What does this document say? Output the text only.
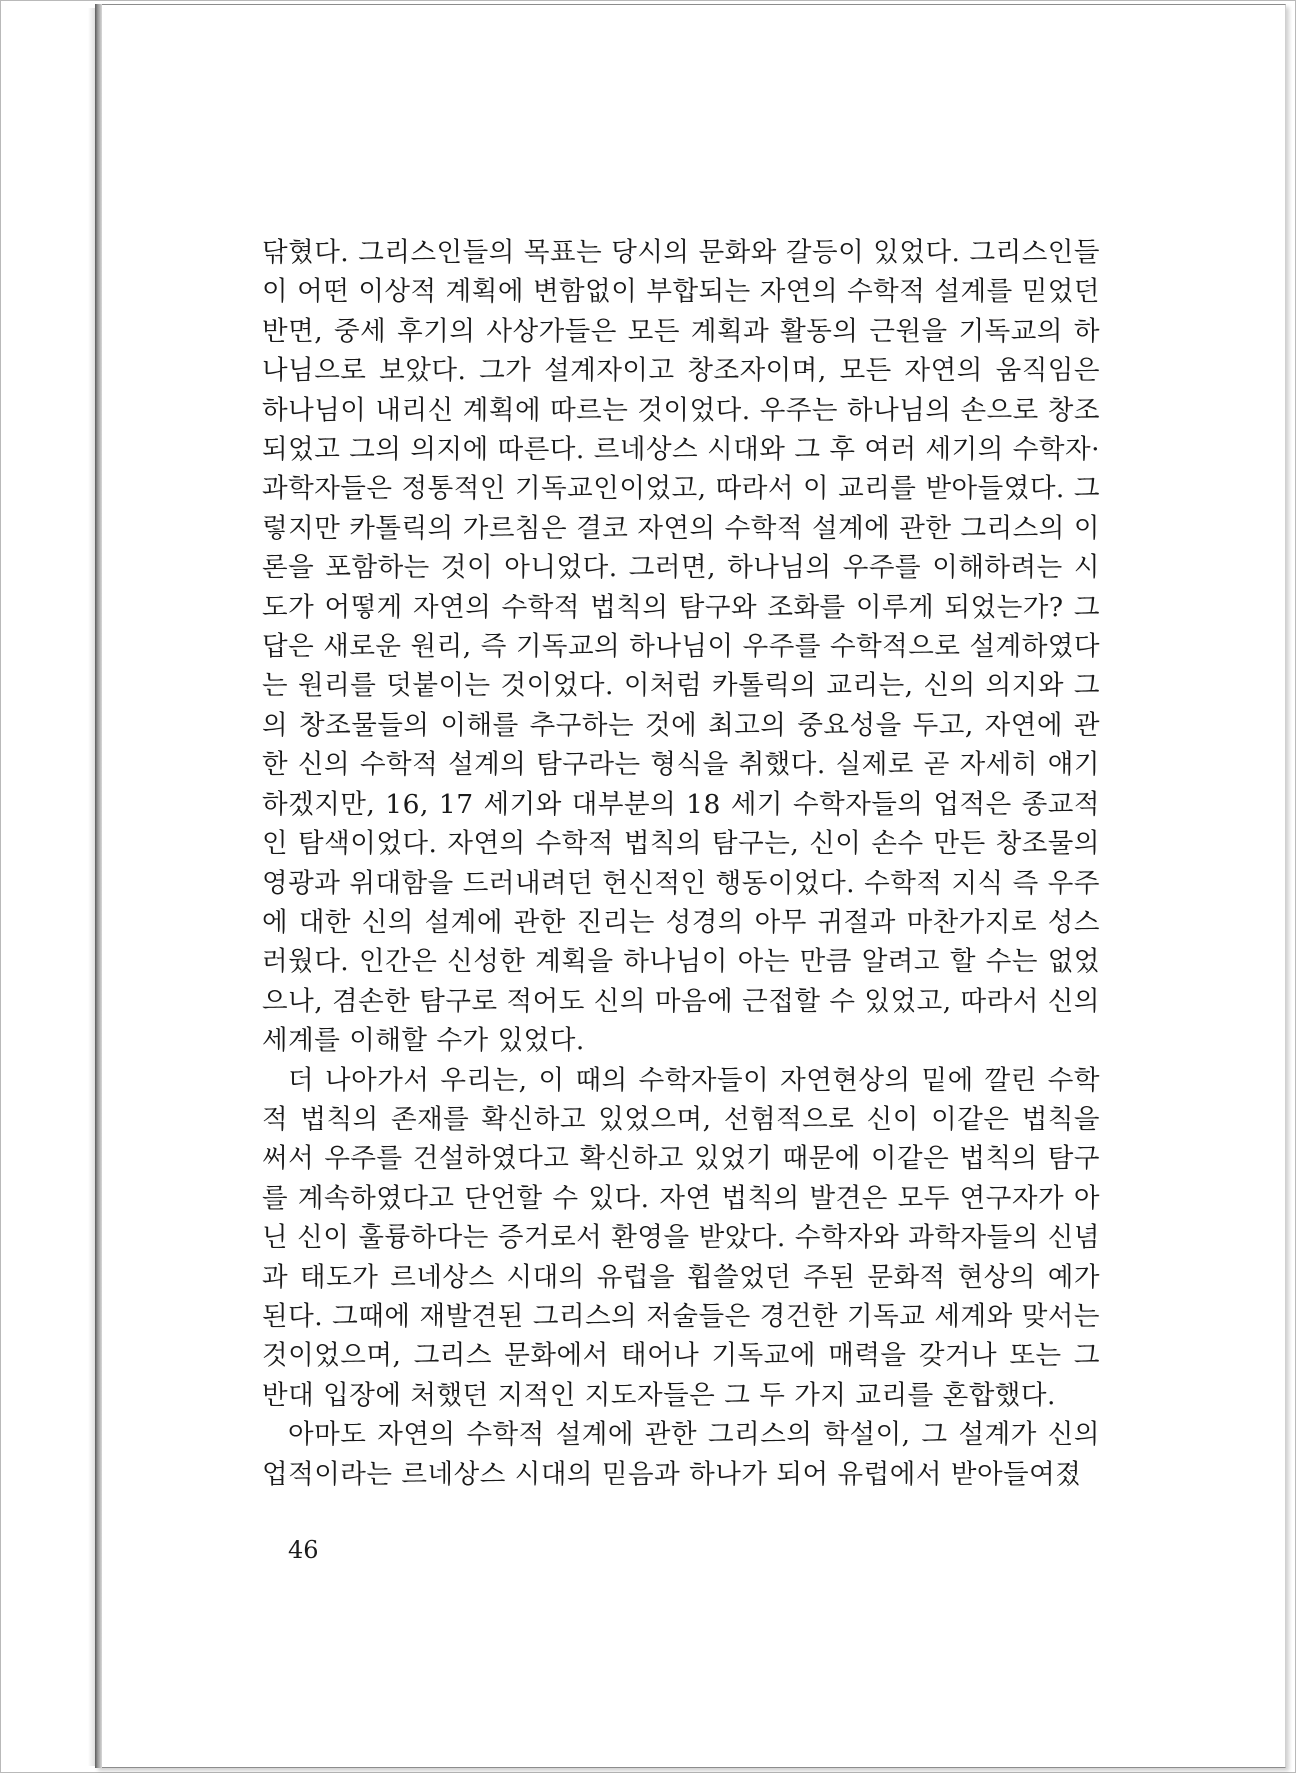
닦혔다. 그리스인들의 목표는 당시의 문화와 갈등이 있었다. 그리스인들이 어떤 이상적 계획에 변함없이 부합되는 자연의 수학적 설계를 믿었던 반면, 중세 후기의 사상가들은 모든 계획과 활동의 근원을 기독교의 하나님으로 보았다. 그가 설계자이고 창조자이며, 모든 자연의 움직임은 하나님이 내리신 계획에 따르는 것이었다. 우주는 하나님의 손으로 창조되었고 그의 의지에 따른다. 르네상스 시대와 그 후 여러 세기의 수학자·과학자들은 정통적인 기독교인이었고, 따라서 이 교리를 받아들였다. 그렇지만 카톨릭의 가르침은 결코 자연의 수학적 설계에 관한 그리스의 이론을 포함하는 것이 아니었다. 그러면, 하나님의 우주를 이해하려는 시도가 어떻게 자연의 수학적 법칙의 탐구와 조화를 이루게 되었는가? 그 답은 새로운 원리, 즉 기독교의 하나님이 우주를 수학적으로 설계하였다는 원리를 덧붙이는 것이었다. 이처럼 카톨릭의 교리는, 신의 의지와 그의 창조물들의 이해를 추구하는 것에 최고의 중요성을 두고, 자연에 관한 신의 수학적 설계의 탐구라는 형식을 취했다. 실제로 곧 자세히 얘기하겠지만, 16, 17 세기와 대부분의 18 세기 수학자들의 업적은 종교적인 탐색이었다. 자연의 수학적 법칙의 탐구는, 신이 손수 만든 창조물의 영광과 위대함을 드러내려던 헌신적인 행동이었다. 수학적 지식 즉 우주에 대한 신의 설계에 관한 진리는 성경의 아무 귀절과 마찬가지로 성스러웠다. 인간은 신성한 계획을 하나님이 아는 만큼 알려고 할 수는 없었으나, 겸손한 탐구로 적어도 신의 마음에 근접할 수 있었고, 따라서 신의 세계를 이해할 수가 있었다.

더 나아가서 우리는, 이 때의 수학자들이 자연현상의 밑에 깔린 수학적 법칙의 존재를 확신하고 있었으며, 선험적으로 신이 이같은 법칙을 써서 우주를 건설하였다고 확신하고 있었기 때문에 이같은 법칙의 탐구를 계속하였다고 단언할 수 있다. 자연 법칙의 발견은 모두 연구자가 아닌 신이 훌륭하다는 증거로서 환영을 받았다. 수학자와 과학자들의 신념과 태도가 르네상스 시대의 유럽을 휩쓸었던 주된 문화적 현상의 예가 된다. 그때에 재발견된 그리스의 저술들은 경건한 기독교 세계와 맞서는 것이었으며, 그리스 문화에서 태어나 기독교에 매력을 갖거나 또는 그 반대 입장에 처했던 지적인 지도자들은 그 두 가지 교리를 혼합했다.

아마도 자연의 수학적 설계에 관한 그리스의 학설이, 그 설계가 신의 업적이라는 르네상스 시대의 믿음과 하나가 되어 유럽에서 받아들여졌

46
